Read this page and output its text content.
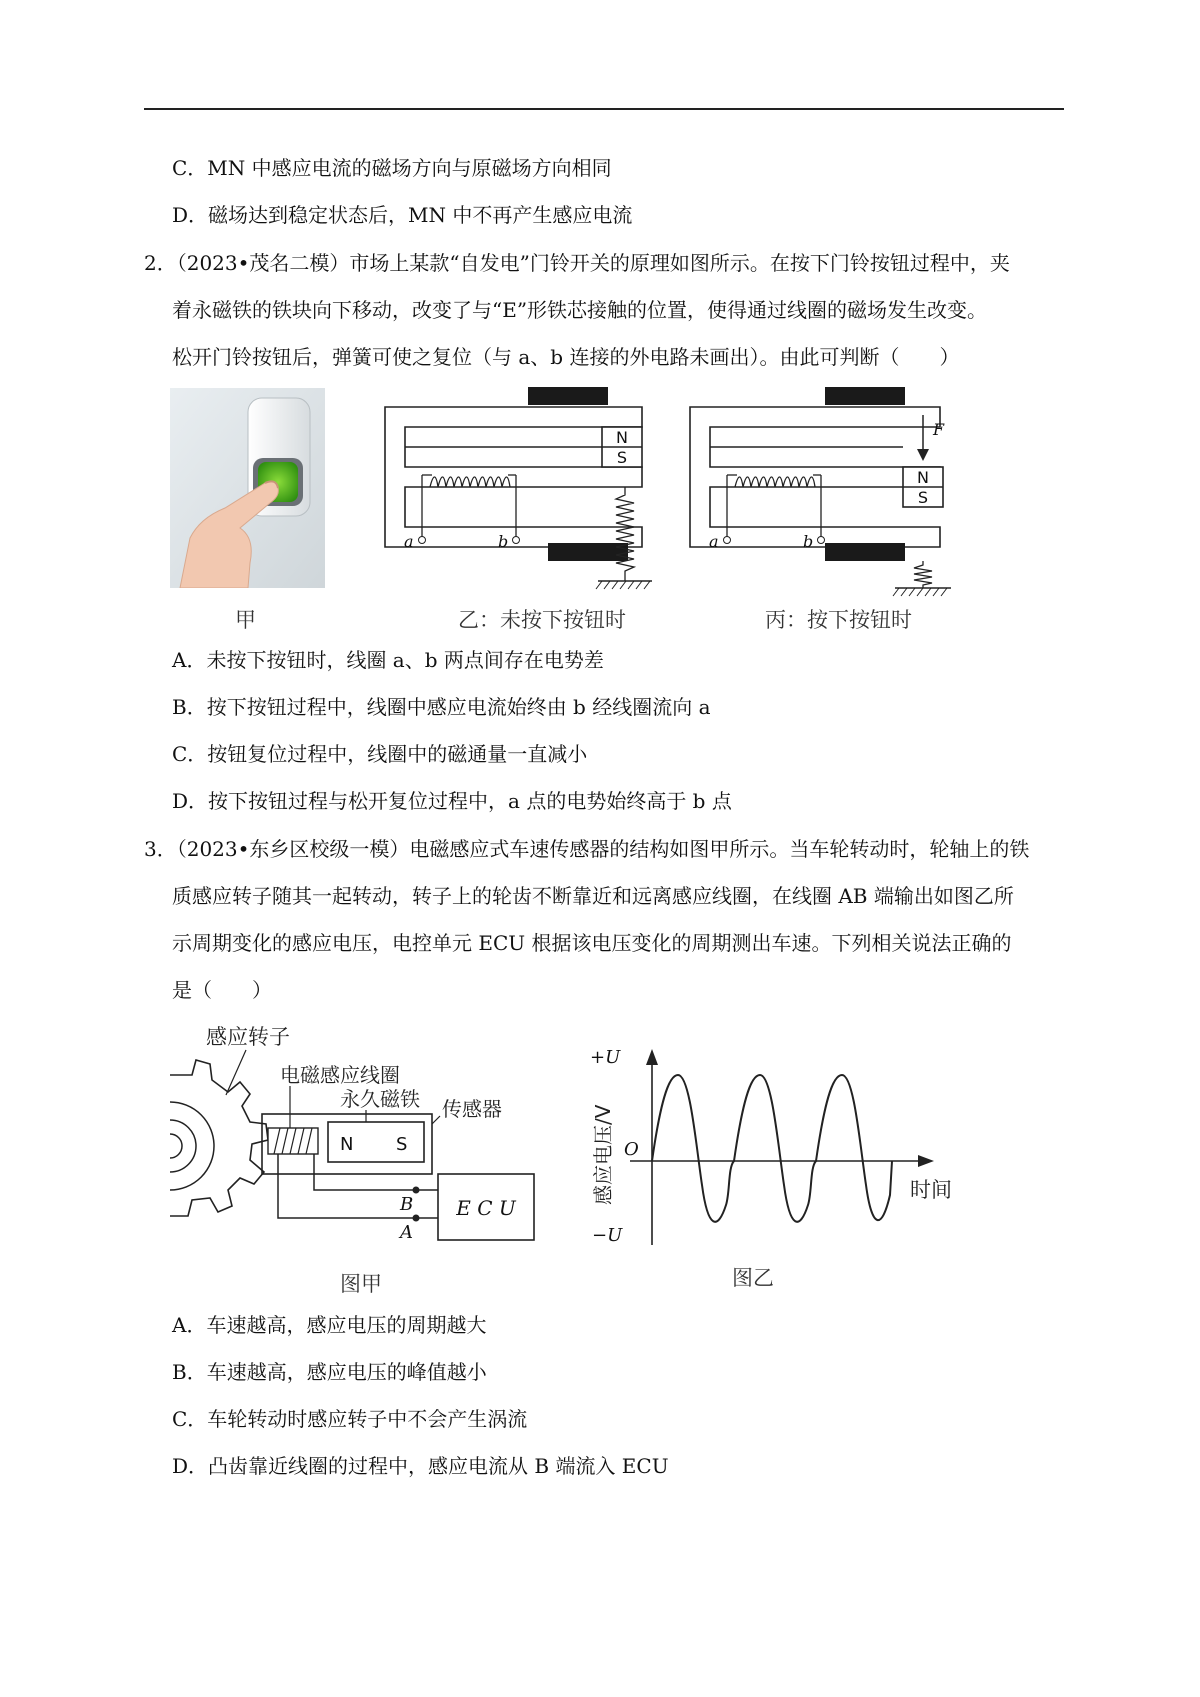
C．MN 中感应电流的磁场方向与原磁场方向相同
D．磁场达到稳定状态后，MN 中不再产生感应电流
2．（2023•茂名二模）市场上某款“自发电”门铃开关的原理如图所示。在按下门铃按钮过程中，夹
着永磁铁的铁块向下移动，改变了与“E”形铁芯接触的位置，使得通过线圈的磁场发生改变。
松开门铃按钮后，弹簧可使之复位（与 a、b 连接的外电路未画出）。由此可判断（　　）
甲
N
S
a	b
乙：未按下按钮时
N
S
F
a	b
丙：按下按钮时
A．未按下按钮时，线圈 a、b 两点间存在电势差
B．按下按钮过程中，线圈中感应电流始终由 b 经线圈流向 a
C．按钮复位过程中，线圈中的磁通量一直减小
D．按下按钮过程与松开复位过程中，a 点的电势始终高于 b 点
3．（2023•东乡区校级一模）电磁感应式车速传感器的结构如图甲所示。当车轮转动时，轮轴上的铁
质感应转子随其一起转动，转子上的轮齿不断靠近和远离感应线圈，在线圈 AB 端输出如图乙所
示周期变化的感应电压，电控单元 ECU 根据该电压变化的周期测出车速。下列相关说法正确的
是（　　）
感应转子
N S
电磁感应线圈
永久磁铁 传感器
B
A
E C U
图甲
+U
−U
O
时间
感应电压/V
图乙
A．车速越高，感应电压的周期越大
B．车速越高，感应电压的峰值越小
C．车轮转动时感应转子中不会产生涡流
D．凸齿靠近线圈的过程中，感应电流从 B 端流入 ECU
